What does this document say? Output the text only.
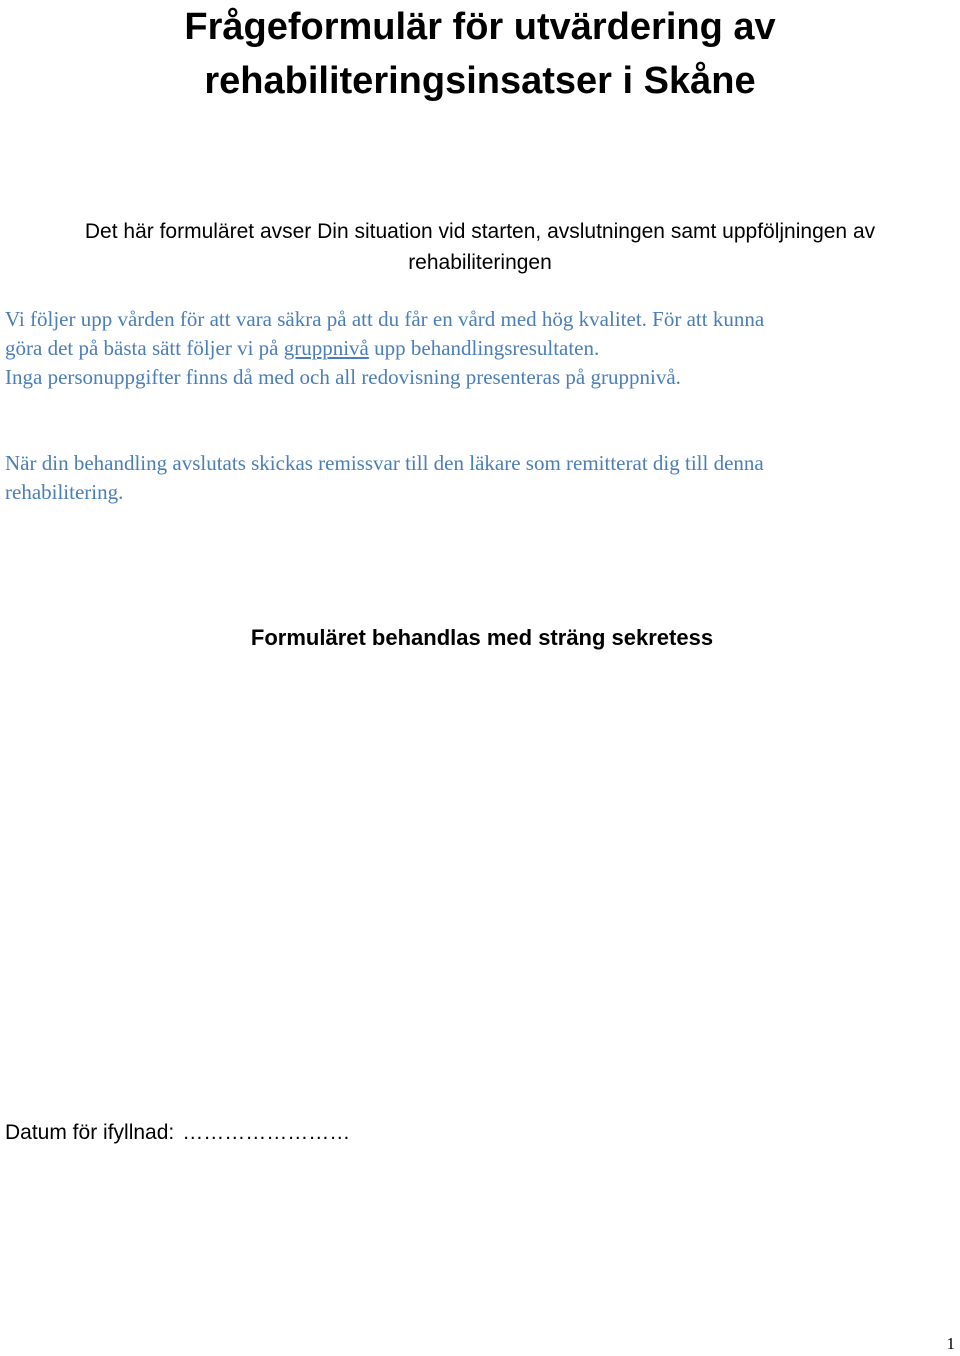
Frågeformulär för utvärdering av
rehabiliteringsinsatser i Skåne

Det här formuläret avser Din situation vid starten, avslutningen samt uppföljningen av
rehabiliteringen

Vi följer upp vården för att vara säkra på att du får en vård med hög kvalitet. För att kunna
göra det på bästa sätt följer vi på gruppnivå upp behandlingsresultaten.
Inga personuppgifter finns då med och all redovisning presenteras på gruppnivå.

När din behandling avslutats skickas remissvar till den läkare som remitterat dig till denna
rehabilitering.

Formuläret behandlas med sträng sekretess

Datum för ifyllnad: ……………………

1
